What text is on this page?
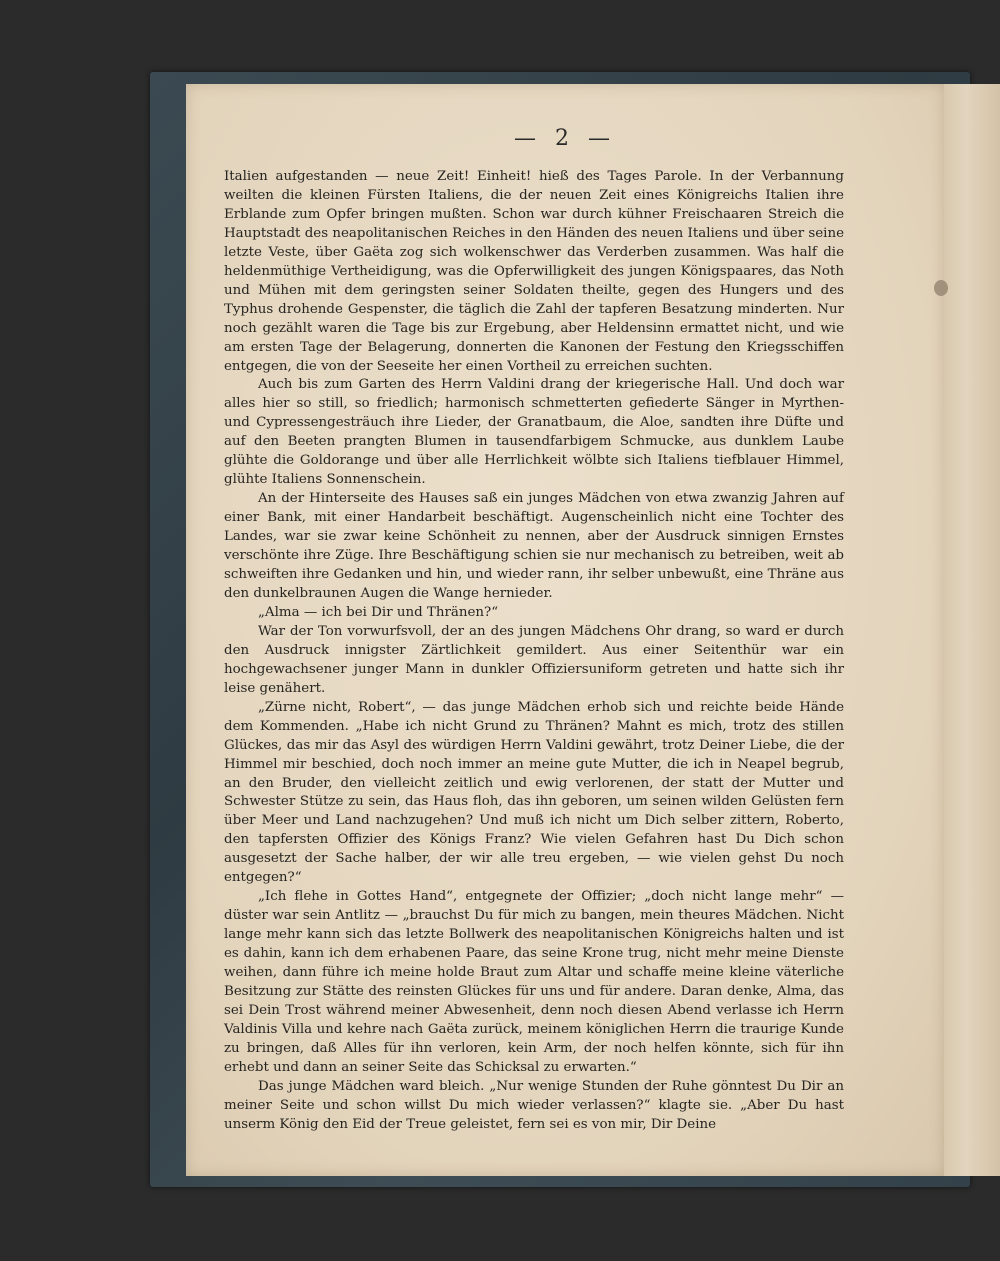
— 2 —

Italien aufgestanden — neue Zeit! Einheit! hieß des Tages Parole. In der Verbannung weilten die kleinen Fürsten Italiens, die der neuen Zeit eines Königreichs Italien ihre Erblande zum Opfer bringen mußten. Schon war durch kühner Freischaaren Streich die Hauptstadt des neapolitanischen Reiches in den Händen des neuen Italiens und über seine letzte Veste, über Gaëta zog sich wolkenschwer das Verderben zusammen. Was half die heldenmüthige Vertheidigung, was die Opferwilligkeit des jungen Königspaares, das Noth und Mühen mit dem geringsten seiner Soldaten theilte, gegen des Hungers und des Typhus drohende Gespenster, die täglich die Zahl der tapferen Besatzung minderten. Nur noch gezählt waren die Tage bis zur Ergebung, aber Heldensinn ermattet nicht, und wie am ersten Tage der Belagerung, donnerten die Kanonen der Festung den Kriegsschiffen entgegen, die von der Seeseite her einen Vortheil zu erreichen suchten.

Auch bis zum Garten des Herrn Valdini drang der kriegerische Hall. Und doch war alles hier so still, so friedlich; harmonisch schmetterten gefiederte Sänger in Myrthen- und Cypressengesträuch ihre Lieder, der Granatbaum, die Aloe, sandten ihre Düfte und auf den Beeten prangten Blumen in tausendfarbigem Schmucke, aus dunklem Laube glühte die Goldorange und über alle Herrlichkeit wölbte sich Italiens tiefblauer Himmel, glühte Italiens Sonnenschein.

An der Hinterseite des Hauses saß ein junges Mädchen von etwa zwanzig Jahren auf einer Bank, mit einer Handarbeit beschäftigt. Augenscheinlich nicht eine Tochter des Landes, war sie zwar keine Schönheit zu nennen, aber der Ausdruck sinnigen Ernstes verschönte ihre Züge. Ihre Beschäftigung schien sie nur mechanisch zu betreiben, weit ab schweiften ihre Gedanken und hin, und wieder rann, ihr selber unbewußt, eine Thräne aus den dunkelbraunen Augen die Wange hernieder.

„Alma — ich bei Dir und Thränen?“

War der Ton vorwurfsvoll, der an des jungen Mädchens Ohr drang, so ward er durch den Ausdruck innigster Zärtlichkeit gemildert. Aus einer Seitenthür war ein hochgewachsener junger Mann in dunkler Offiziersuniform getreten und hatte sich ihr leise genähert.

„Zürne nicht, Robert“, — das junge Mädchen erhob sich und reichte beide Hände dem Kommenden. „Habe ich nicht Grund zu Thränen? Mahnt es mich, trotz des stillen Glückes, das mir das Asyl des würdigen Herrn Valdini gewährt, trotz Deiner Liebe, die der Himmel mir beschied, doch noch immer an meine gute Mutter, die ich in Neapel begrub, an den Bruder, den vielleicht zeitlich und ewig verlorenen, der statt der Mutter und Schwester Stütze zu sein, das Haus floh, das ihn geboren, um seinen wilden Gelüsten fern über Meer und Land nachzugehen? Und muß ich nicht um Dich selber zittern, Roberto, den tapfersten Offizier des Königs Franz? Wie vielen Gefahren hast Du Dich schon ausgesetzt der Sache halber, der wir alle treu ergeben, — wie vielen gehst Du noch entgegen?“

„Ich flehe in Gottes Hand“, entgegnete der Offizier; „doch nicht lange mehr“ — düster war sein Antlitz — „brauchst Du für mich zu bangen, mein theures Mädchen. Nicht lange mehr kann sich das letzte Bollwerk des neapolitanischen Königreichs halten und ist es dahin, kann ich dem erhabenen Paare, das seine Krone trug, nicht mehr meine Dienste weihen, dann führe ich meine holde Braut zum Altar und schaffe meine kleine väterliche Besitzung zur Stätte des reinsten Glückes für uns und für andere. Daran denke, Alma, das sei Dein Trost während meiner Abwesenheit, denn noch diesen Abend verlasse ich Herrn Valdinis Villa und kehre nach Gaëta zurück, meinem königlichen Herrn die traurige Kunde zu bringen, daß Alles für ihn verloren, kein Arm, der noch helfen könnte, sich für ihn erhebt und dann an seiner Seite das Schicksal zu erwarten.“

Das junge Mädchen ward bleich. „Nur wenige Stunden der Ruhe gönntest Du Dir an meiner Seite und schon willst Du mich wieder verlassen?“ klagte sie. „Aber Du hast unserm König den Eid der Treue geleistet, fern sei es von mir, Dir Deine
